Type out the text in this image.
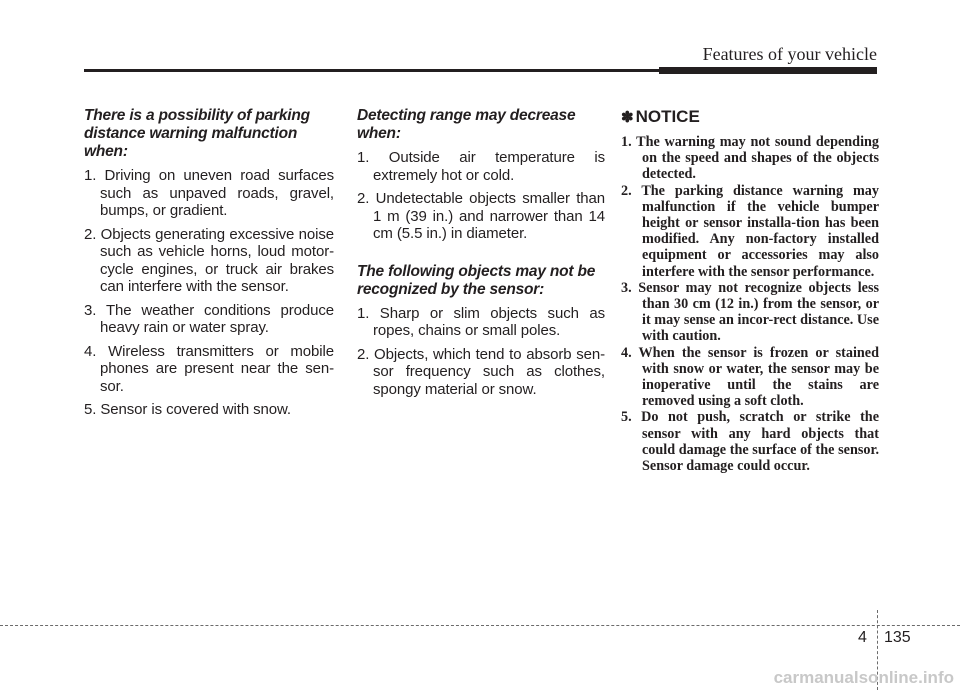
Features of your vehicle

There is a possibility of parking distance warning malfunction when:

1. Driving on uneven road surfaces such as unpaved roads, gravel, bumps, or gradient.
2. Objects generating excessive noise such as vehicle horns, loud motor-cycle engines, or truck air brakes can interfere with the sensor.
3. The weather conditions produce heavy rain or water spray.
4. Wireless transmitters or mobile phones are present near the sen-sor.
5. Sensor is covered with snow.

Detecting range may decrease when:

1. Outside air temperature is extremely hot or cold.
2. Undetectable objects smaller than 1 m (39 in.) and narrower than 14 cm (5.5 in.) in diameter.

The following objects may not be recognized by the sensor:

1. Sharp or slim objects such as ropes, chains or small poles.
2. Objects, which tend to absorb sen-sor frequency such as clothes, spongy material or snow.
✽ NOTICE
1. The warning may not sound depending on the speed and shapes of the objects detected.
2. The parking distance warning may malfunction if the vehicle bumper height or sensor installa-tion has been modified. Any non-factory installed equipment or accessories may also interfere with the sensor performance.
3. Sensor may not recognize objects less than 30 cm (12 in.) from the sensor, or it may sense an incor-rect distance. Use with caution.
4. When the sensor is frozen or stained with snow or water, the sensor may be inoperative until the stains are removed using a soft cloth.
5. Do not push, scratch or strike the sensor with any hard objects that could damage the surface of the sensor. Sensor damage could occur.
4 135
carmanualsonline.info
